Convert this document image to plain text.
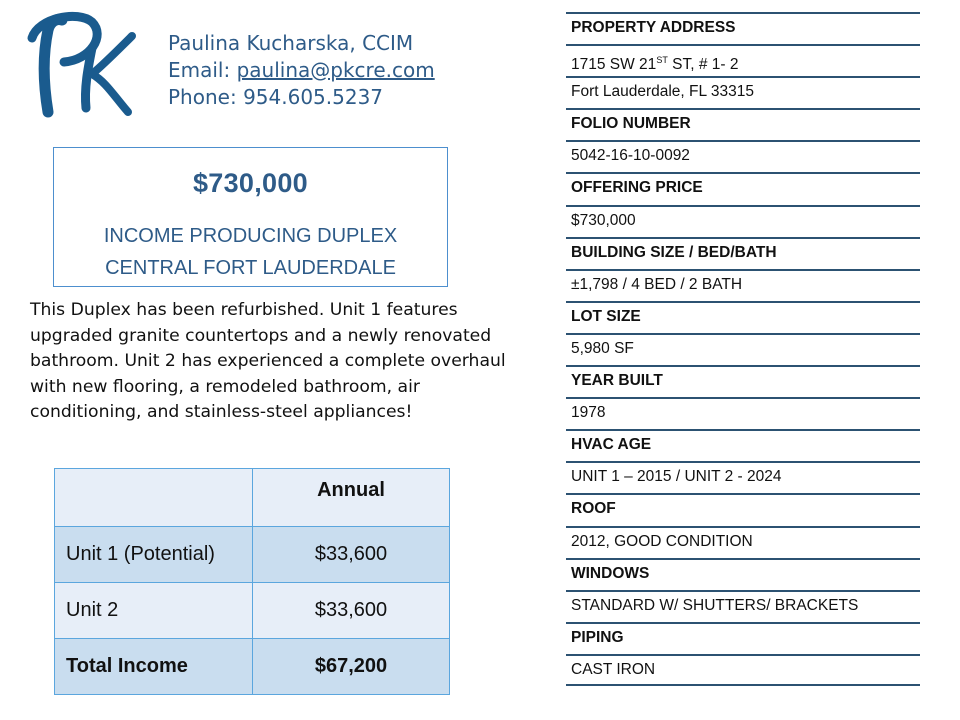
Paulina Kucharska, CCIM
Email: paulina@pkcre.com
Phone: 954.605.5237
$730,000
INCOME PRODUCING DUPLEX
CENTRAL FORT LAUDERDALE
This Duplex has been refurbished. Unit 1 features upgraded granite countertops and a newly renovated bathroom. Unit 2 has experienced a complete overhaul with new flooring, a remodeled bathroom, air conditioning, and stainless-steel appliances!
	Annual
Unit 1 (Potential)	$33,600
Unit 2	$33,600
Total Income	$67,200
PROPERTY ADDRESS
1715 SW 21ST ST, # 1- 2
Fort Lauderdale, FL 33315
FOLIO NUMBER
5042-16-10-0092
OFFERING PRICE
$730,000
BUILDING SIZE / BED/BATH
±1,798 / 4 BED / 2 BATH
LOT SIZE
5,980 SF
YEAR BUILT
1978
HVAC AGE
UNIT 1 – 2015 / UNIT 2 - 2024
ROOF
2012, GOOD CONDITION
WINDOWS
STANDARD W/ SHUTTERS/ BRACKETS
PIPING
CAST IRON
